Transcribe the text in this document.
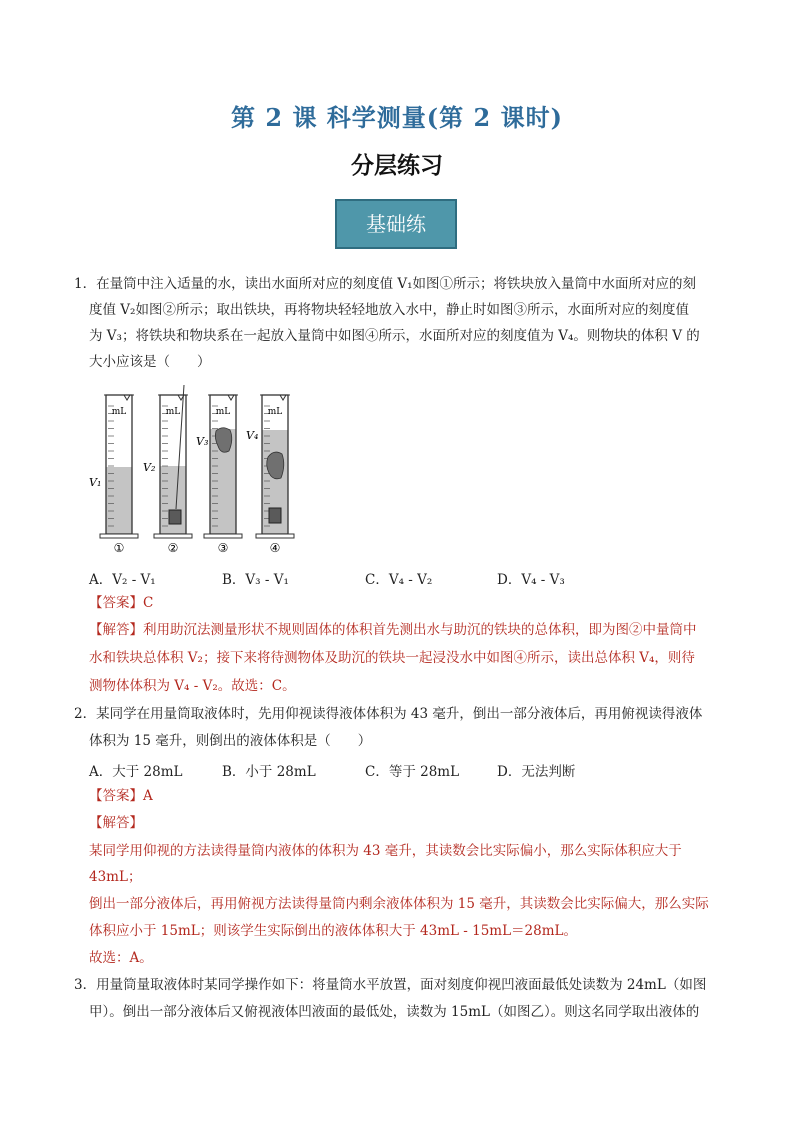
第 2 课 科学测量(第 2 课时)
分层练习
基础练
1．在量筒中注入适量的水，读出水面所对应的刻度值 V₁如图①所示；将铁块放入量筒中水面所对应的刻
度值 V₂如图②所示；取出铁块，再将物块轻轻地放入水中，静止时如图③所示，水面所对应的刻度值
为 V₃；将铁块和物块系在一起放入量筒中如图④所示，水面所对应的刻度值为 V₄。则物块的体积 V 的
大小应该是（　　）
mL
V₁
①
mL
V₂
②
mL
V₃
③
mL
V₄
④
A．V₂ - V₁	B．V₃ - V₁	C．V₄ - V₂	D．V₄ - V₃
【答案】C
【解答】利用助沉法测量形状不规则固体的体积首先测出水与助沉的铁块的总体积，即为图②中量筒中
水和铁块总体积 V₂；接下来将待测物体及助沉的铁块一起浸没水中如图④所示，读出总体积 V₄，则待
测物体体积为 V₄ - V₂。故选：C。
2．某同学在用量筒取液体时，先用仰视读得液体体积为 43 毫升，倒出一部分液体后，再用俯视读得液体
体积为 15 毫升，则倒出的液体体积是（　　）
A．大于 28mL	B．小于 28mL	C．等于 28mL	D．无法判断
【答案】A
【解答】
某同学用仰视的方法读得量筒内液体的体积为 43 毫升，其读数会比实际偏小，那么实际体积应大于
43mL；
倒出一部分液体后，再用俯视方法读得量筒内剩余液体体积为 15 毫升，其读数会比实际偏大，那么实际
体积应小于 15mL；则该学生实际倒出的液体体积大于 43mL - 15mL＝28mL。
故选：A。
3．用量筒量取液体时某同学操作如下：将量筒水平放置，面对刻度仰视凹液面最低处读数为 24mL（如图
甲）。倒出一部分液体后又俯视液体凹液面的最低处，读数为 15mL（如图乙）。则这名同学取出液体的
